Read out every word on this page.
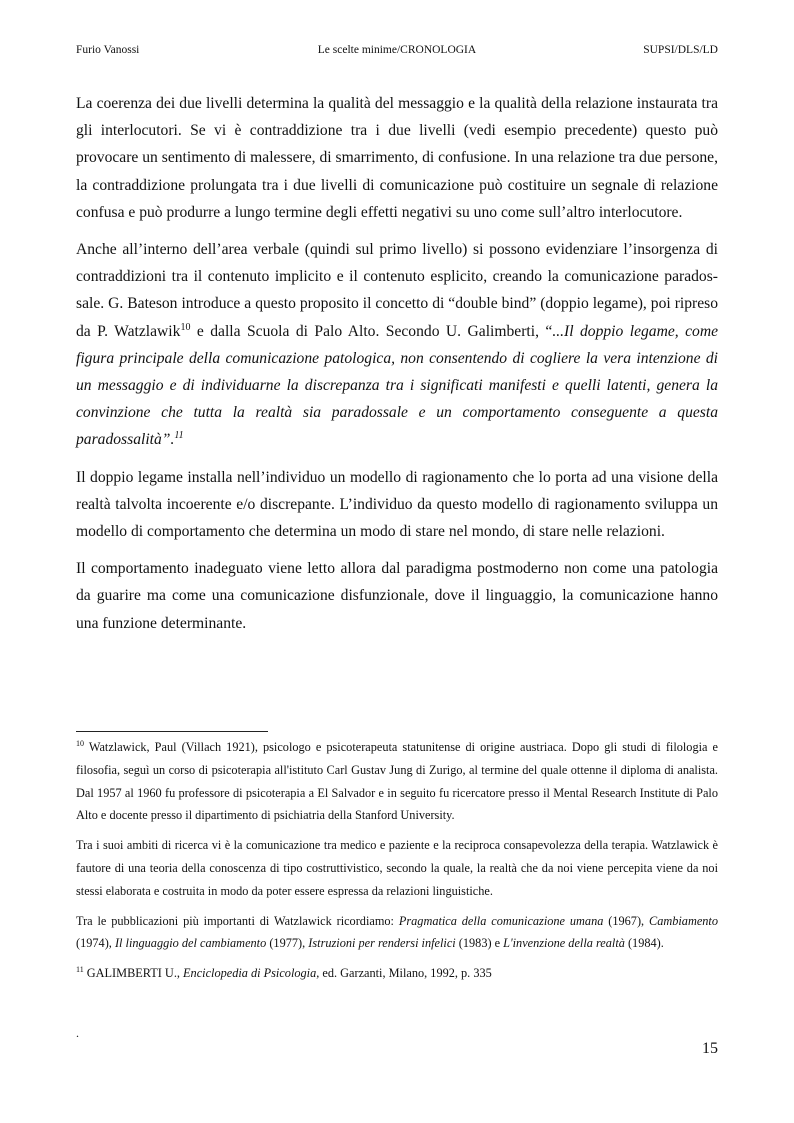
Furio Vanossi	Le scelte minime/CRONOLOGIA	SUPSI/DLS/LD

La coerenza dei due livelli determina la qualità del messaggio e la qualità della relazione instaurata tra gli interlocutori. Se vi è contraddizione tra i due livelli (vedi esempio precedente) questo può provocare un sentimento di malessere, di smarrimento, di confusione. In una relazione tra due persone, la contraddizione prolungata tra i due livelli di comunicazione può costituire un segnale di relazione confusa e può produrre a lungo termine degli effetti negativi su uno come sull’altro interlocutore.

Anche all’interno dell’area verbale (quindi sul primo livello) si possono evidenziare l’insorgenza di contraddizioni tra il contenuto implicito e il contenuto esplicito, creando la comunicazione paradossale. G. Bateson introduce a questo proposito il concetto di “double bind” (doppio legame), poi ripreso da P. Watzlawik$^{10}$ e dalla Scuola di Palo Alto. Secondo U. Galimberti, “...Il doppio legame, come figura principale della comunicazione patologica, non consentendo di cogliere la vera intenzione di un messaggio e di individuarne la discrepanza tra i significati manifesti e quelli latenti, genera la convinzione che tutta la realtà sia paradossale e un comportamento conseguente a questa paradossalità”.$^{11}$

Il doppio legame installa nell’individuo un modello di ragionamento che lo porta ad una visione della realtà talvolta incoerente e/o discrepante. L’individuo da questo modello di ragionamento sviluppa un modello di comportamento che determina un modo di stare nel mondo, di stare nelle relazioni.

Il comportamento inadeguato viene letto allora dal paradigma postmoderno non come una patologia da guarire ma come una comunicazione disfunzionale, dove il linguaggio, la comunicazione hanno una funzione determinante.

$^{10}$ Watzlawick, Paul (Villach 1921), psicologo e psicoterapeuta statunitense di origine austriaca. Dopo gli studi di filologia e filosofia, seguì un corso di psicoterapia all'istituto Carl Gustav Jung di Zurigo, al termine del quale ottenne il diploma di analista. Dal 1957 al 1960 fu professore di psicoterapia a El Salvador e in seguito fu ricercatore presso il Mental Research Institute di Palo Alto e docente presso il dipartimento di psichiatria della Stanford University.

Tra i suoi ambiti di ricerca vi è la comunicazione tra medico e paziente e la reciproca consapevolezza della terapia. Watzlawick è fautore di una teoria della conoscenza di tipo costruttivistico, secondo la quale, la realtà che da noi viene percepita viene da noi stessi elaborata e costruita in modo da poter essere espressa da relazioni linguistiche.

Tra le pubblicazioni più importanti di Watzlawick ricordiamo: Pragmatica della comunicazione umana (1967), Cambiamento (1974), Il linguaggio del cambiamento (1977), Istruzioni per rendersi infelici (1983) e L'invenzione della realtà (1984).

$^{11}$ GALIMBERTI U., Enciclopedia di Psicologia, ed. Garzanti, Milano, 1992, p. 335

.
15
